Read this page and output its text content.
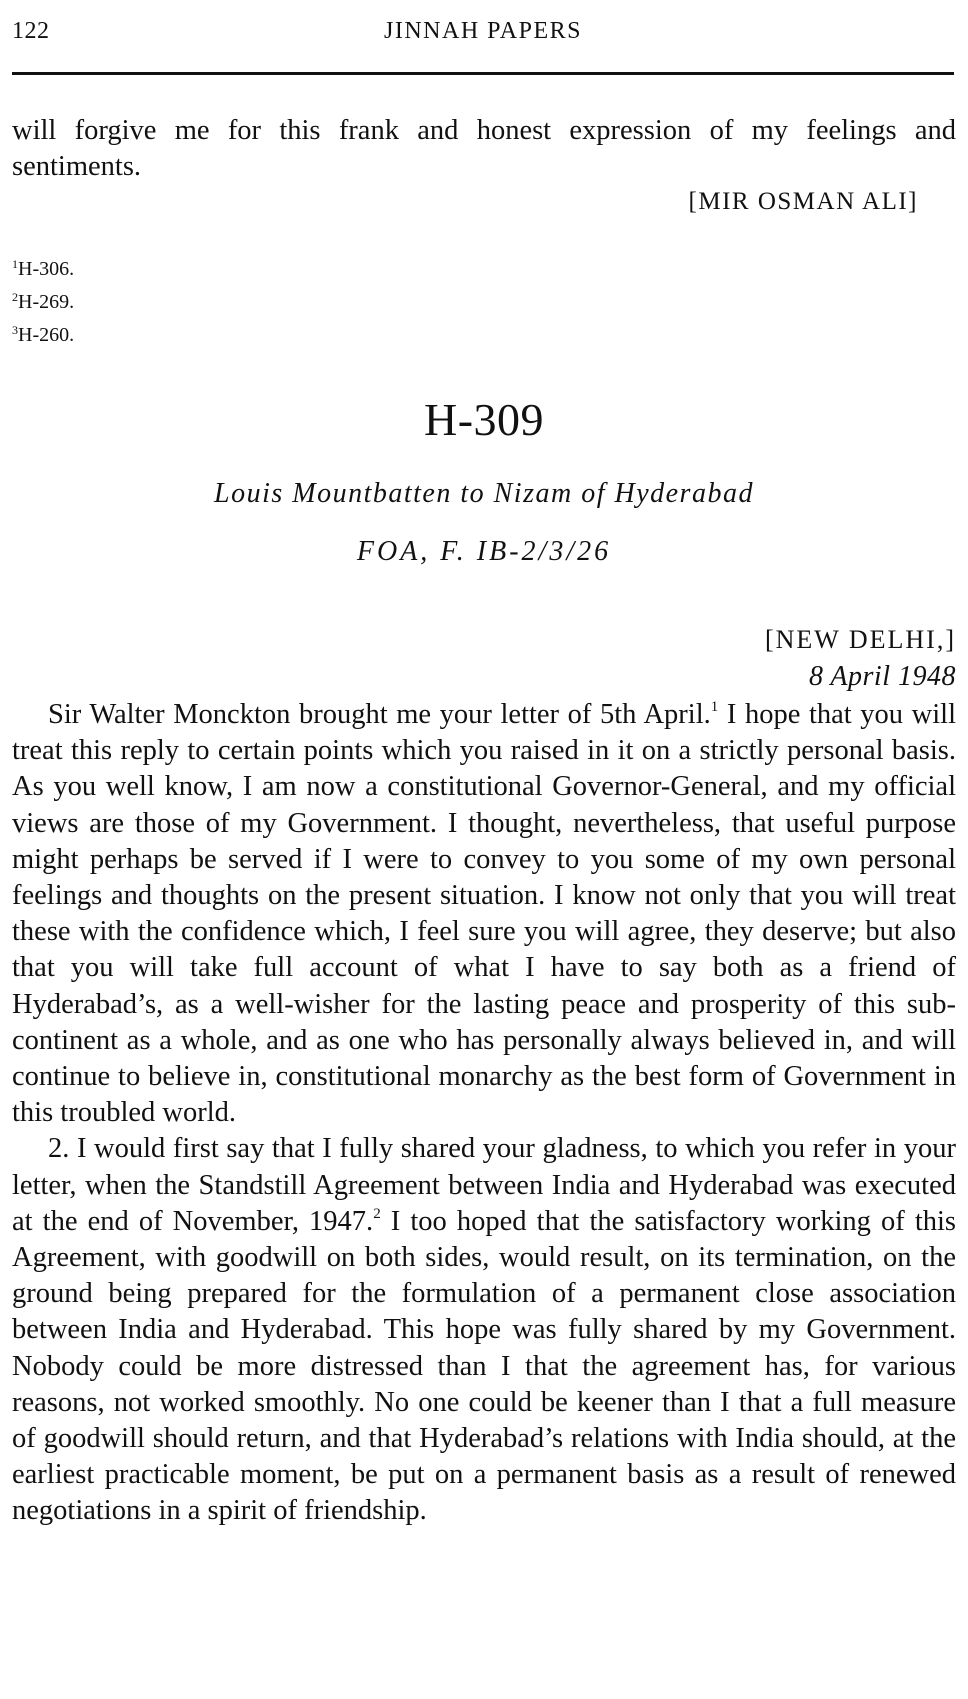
122	JINNAH PAPERS

will forgive me for this frank and honest expression of my feelings and sentiments.

[MIR OSMAN ALI]
$^1$H-306.
$^2$H-269.
$^3$H-260.
H-309
Louis Mountbatten to Nizam of Hyderabad
FOA, F. IB-2/3/26
[NEW DELHI,]
8 April 1948

Sir Walter Monckton brought me your letter of 5th April.$^1$ I hope that you will treat this reply to certain points which you raised in it on a strictly personal basis. As you well know, I am now a constitutional Governor-General, and my official views are those of my Government. I thought, nevertheless, that useful purpose might perhaps be served if I were to convey to you some of my own personal feelings and thoughts on the present situation. I know not only that you will treat these with the confidence which, I feel sure you will agree, they deserve; but also that you will take full account of what I have to say both as a friend of Hyderabad’s, as a well-wisher for the lasting peace and prosperity of this sub-continent as a whole, and as one who has personally always believed in, and will continue to believe in, constitutional monarchy as the best form of Government in this troubled world.

2. I would first say that I fully shared your gladness, to which you refer in your letter, when the Standstill Agreement between India and Hyderabad was executed at the end of November, 1947.$^2$ I too hoped that the satisfactory working of this Agreement, with goodwill on both sides, would result, on its termination, on the ground being prepared for the formulation of a permanent close association between India and Hyderabad. This hope was fully shared by my Government. Nobody could be more distressed than I that the agreement has, for various reasons, not worked smoothly. No one could be keener than I that a full measure of goodwill should return, and that Hyderabad’s relations with India should, at the earliest practicable moment, be put on a permanent basis as a result of renewed negotiations in a spirit of friendship.
